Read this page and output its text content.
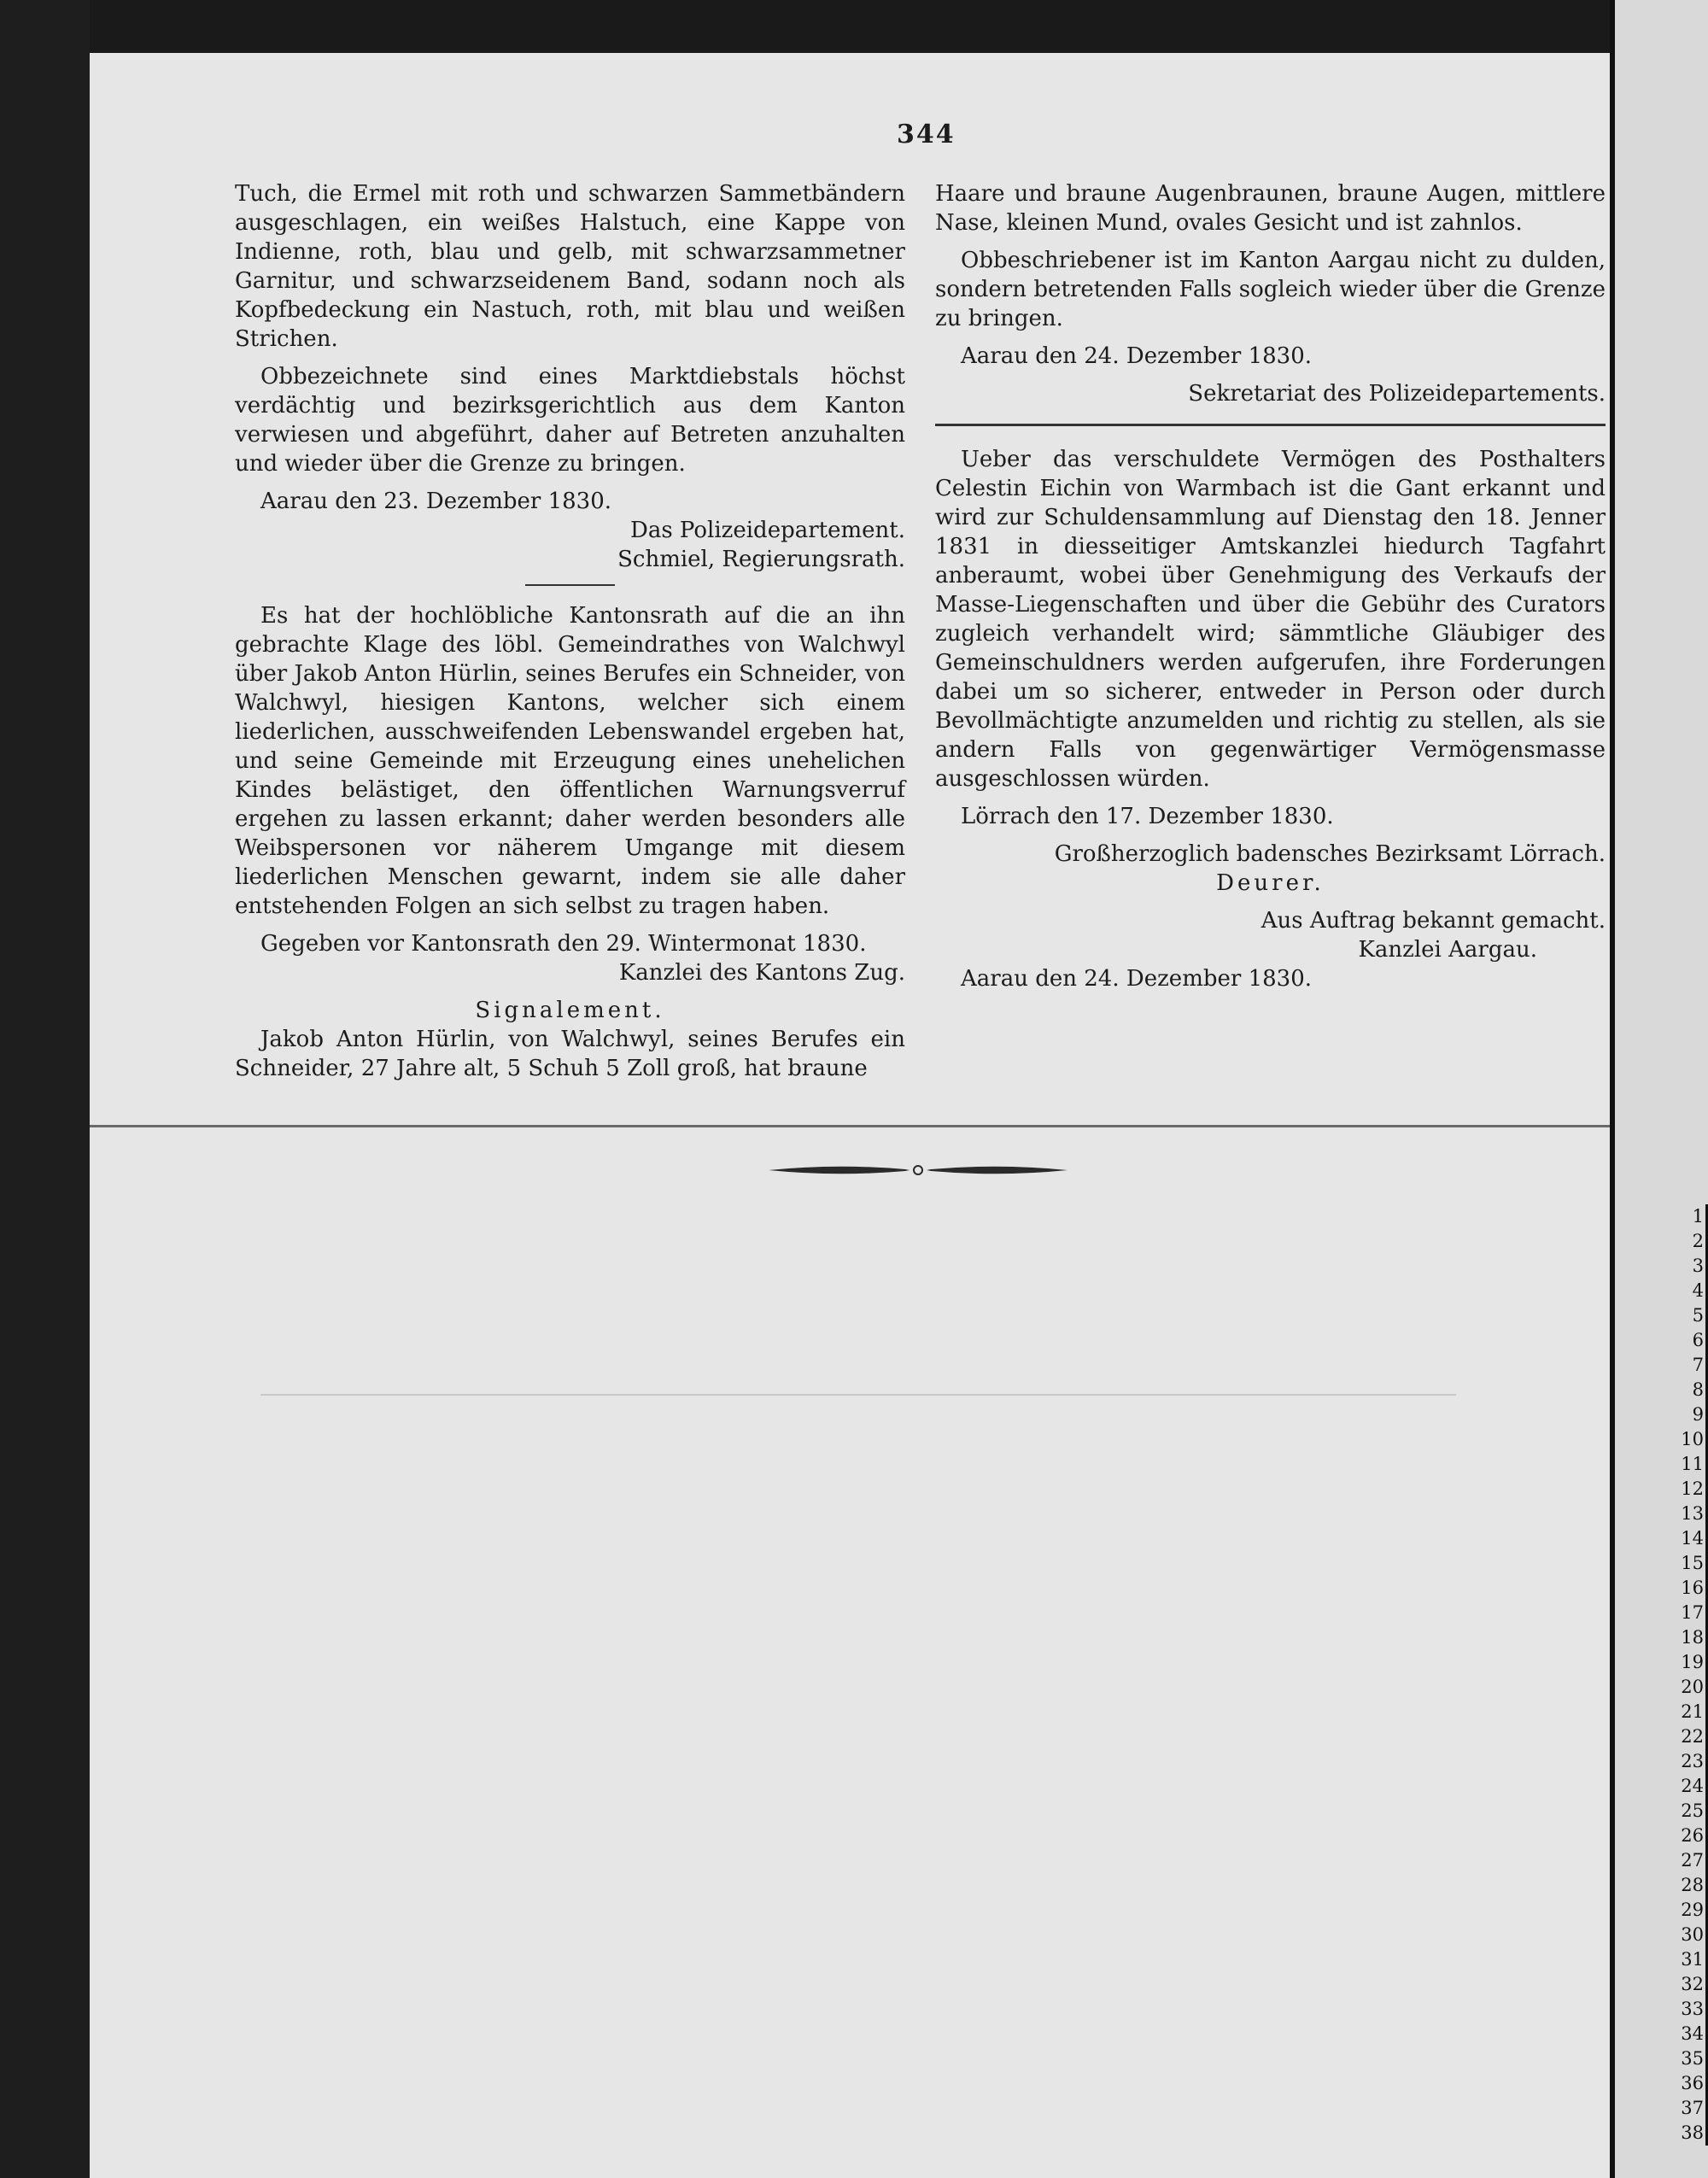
1
2
3
4
5
6
7
8
9
10
11
12
13
14
15
16
17
18
19
20
21
22
23
24
25
26
27
28
29
30
31
32
33
34
35
36
37
38
344

Tuch, die Ermel mit roth und schwarzen Sammetbändern ausgeschlagen, ein weißes Halstuch, eine Kappe von Indienne, roth, blau und gelb, mit schwarzsammetner Garnitur, und schwarzseidenem Band, sodann noch als Kopfbedeckung ein Nastuch, roth, mit blau und weißen Strichen.

Obbezeichnete sind eines Marktdiebstals höchst verdächtig und bezirksgerichtlich aus dem Kanton verwiesen und abgeführt, daher auf Betreten anzuhalten und wieder über die Grenze zu bringen.

Aarau den 23. Dezember 1830.

Das Polizeidepartement.

Schmiel, Regierungsrath.

Es hat der hochlöbliche Kantonsrath auf die an ihn gebrachte Klage des löbl. Gemeindrathes von Walchwyl über Jakob Anton Hürlin, seines Berufes ein Schneider, von Walchwyl, hiesigen Kantons, welcher sich einem liederlichen, ausschweifenden Lebenswandel ergeben hat, und seine Gemeinde mit Erzeugung eines unehelichen Kindes belästiget, den öffentlichen Warnungsverruf ergehen zu lassen erkannt; daher werden besonders alle Weibspersonen vor näherem Umgange mit diesem liederlichen Menschen gewarnt, indem sie alle daher entstehenden Folgen an sich selbst zu tragen haben.

Gegeben vor Kantonsrath den 29. Wintermonat 1830.

Kanzlei des Kantons Zug.

Signalement.

Jakob Anton Hürlin, von Walchwyl, seines Berufes ein Schneider, 27 Jahre alt, 5 Schuh 5 Zoll groß, hat braune

Haare und braune Augenbraunen, braune Augen, mittlere Nase, kleinen Mund, ovales Gesicht und ist zahnlos.

Obbeschriebener ist im Kanton Aargau nicht zu dulden, sondern betretenden Falls sogleich wieder über die Grenze zu bringen.

Aarau den 24. Dezember 1830.

Sekretariat des Polizeidepartements.

Ueber das verschuldete Vermögen des Posthalters Celestin Eichin von Warmbach ist die Gant erkannt und wird zur Schuldensammlung auf Dienstag den 18. Jenner 1831 in diesseitiger Amtskanzlei hiedurch Tagfahrt anberaumt, wobei über Genehmigung des Verkaufs der Masse-Liegenschaften und über die Gebühr des Curators zugleich verhandelt wird; sämmtliche Gläubiger des Gemeinschuldners werden aufgerufen, ihre Forderungen dabei um so sicherer, entweder in Person oder durch Bevollmächtigte anzumelden und richtig zu stellen, als sie andern Falls von gegenwärtiger Vermögensmasse ausgeschlossen würden.

Lörrach den 17. Dezember 1830.

Großherzoglich badensches Bezirksamt Lörrach.

Deurer.

Aus Auftrag bekannt gemacht.

Kanzlei Aargau.

Aarau den 24. Dezember 1830.
